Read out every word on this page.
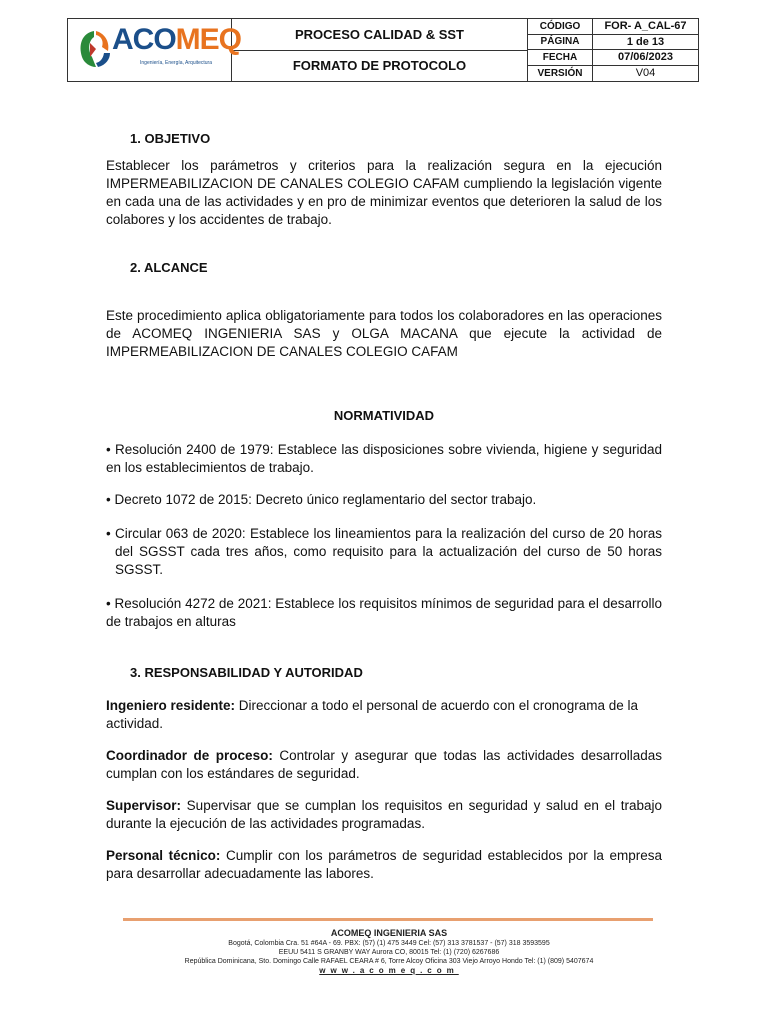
ACOMEQ
Ingeniería, Energía, Arquitectura
PROCESO CALIDAD & SST
FORMATO DE PROTOCOLO
CÓDIGO	FOR- A_CAL-67
PÁGINA	1 de 13
FECHA	07/06/2023
VERSIÓN	V04
1. OBJETIVO
Establecer los parámetros y criterios para la realización segura en la ejecución IMPERMEABILIZACION DE CANALES COLEGIO CAFAM cumpliendo la legislación vigente en cada una de las actividades y en pro de minimizar eventos que deterioren la salud de los colabores y los accidentes de trabajo.
2. ALCANCE
Este procedimiento aplica obligatoriamente para todos los colaboradores en las operaciones de ACOMEQ INGENIERIA SAS y OLGA MACANA que ejecute la actividad de IMPERMEABILIZACION DE CANALES COLEGIO CAFAM
NORMATIVIDAD
• Resolución 2400 de 1979: Establece las disposiciones sobre vivienda, higiene y seguridad en los establecimientos de trabajo.
• Decreto 1072 de 2015: Decreto único reglamentario del sector trabajo.
• Circular 063 de 2020: Establece los lineamientos para la realización del curso de 20 horas del SGSST cada tres años, como requisito para la actualización del curso de 50 horas SGSST.
• Resolución 4272 de 2021: Establece los requisitos mínimos de seguridad para el desarrollo de trabajos en alturas
3. RESPONSABILIDAD Y AUTORIDAD
Ingeniero residente: Direccionar a todo el personal de acuerdo con el cronograma de la actividad.
Coordinador de proceso: Controlar y asegurar que todas las actividades desarrolladas cumplan con los estándares de seguridad.
Supervisor: Supervisar que se cumplan los requisitos en seguridad y salud en el trabajo durante la ejecución de las actividades programadas.
Personal técnico: Cumplir con los parámetros de seguridad establecidos por la empresa para desarrollar adecuadamente las labores.
ACOMEQ INGENIERIA SAS
Bogotá, Colombia Cra. 51 #64A - 69. PBX: (57) (1) 475 3449 Cel: (57) 313 3781537 - (57) 318 3593595
EEUU 5411 S GRANBY WAY Aurora CO, 80015 Tel: (1) (720) 6267686
República Dominicana, Sto. Domingo Calle RAFAEL CEARA # 6, Torre Alcoy Oficina 303 Viejo Arroyo Hondo Tel: (1) (809) 5407674
www.acomeq.com
